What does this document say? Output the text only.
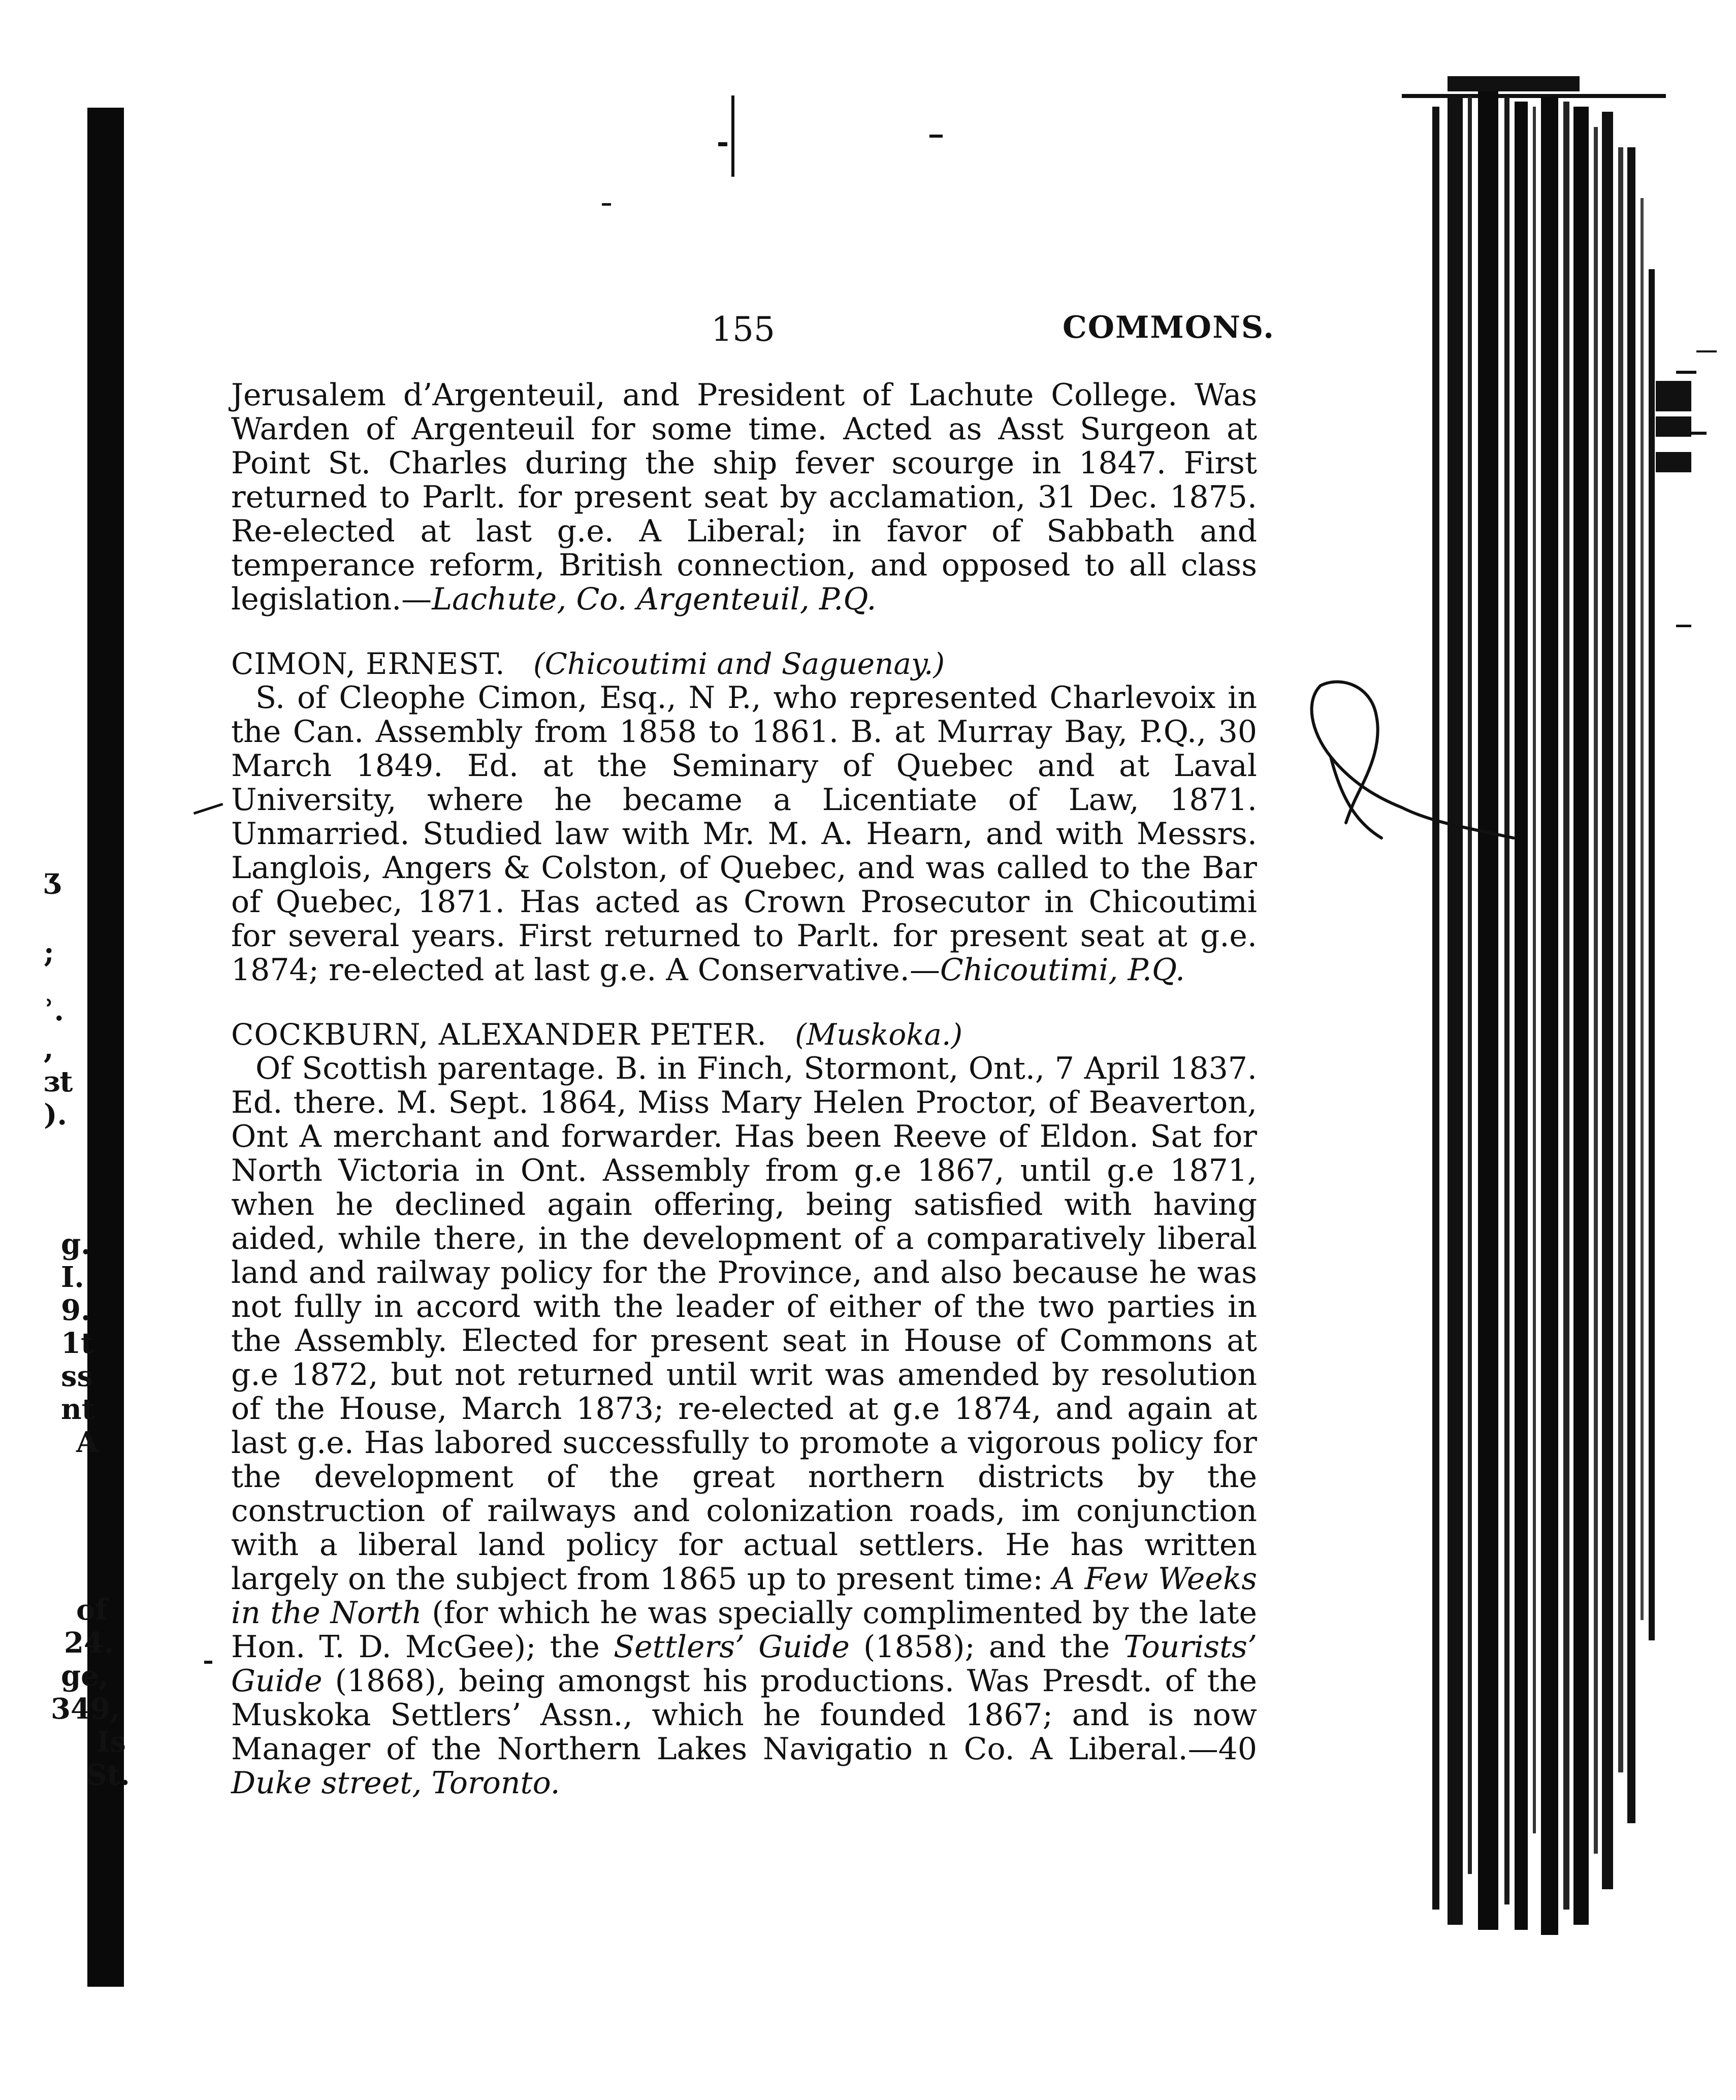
155	COMMONS.

Jerusalem d’Argenteuil, and President of Lachute College. Was Warden of Argenteuil for some time. Acted as Asst Surgeon at Point St. Charles during the ship fever scourge in 1847. First returned to Parlt. for present seat by acclamation, 31 Dec. 1875. Re-elected at last g.e. A Liberal; in favor of Sabbath and temperance reform, British connection, and opposed to all class legislation.—Lachute, Co. Argenteuil, P.Q.

CIMON, ERNEST. (Chicoutimi and Saguenay.)

S. of Cleophe Cimon, Esq., N P., who represented Charlevoix in the Can. Assembly from 1858 to 1861. B. at Murray Bay, P.Q., 30 March 1849. Ed. at the Seminary of Quebec and at Laval University, where he became a Licentiate of Law, 1871. Unmarried. Studied law with Mr. M. A. Hearn, and with Messrs. Langlois, Angers & Colston, of Quebec, and was called to the Bar of Quebec, 1871. Has acted as Crown Prosecutor in Chicoutimi for several years. First returned to Parlt. for present seat at g.e. 1874; re-elected at last g.e. A Conservative.—Chicoutimi, P.Q.

COCKBURN, ALEXANDER PETER. (Muskoka.)

Of Scottish parentage. B. in Finch, Stormont, Ont., 7 April 1837. Ed. there. M. Sept. 1864, Miss Mary Helen Proctor, of Beaverton, Ont A merchant and forwarder. Has been Reeve of Eldon. Sat for North Victoria in Ont. Assembly from g.e 1867, until g.e 1871, when he declined again offering, being satisfied with having aided, while there, in the development of a comparatively liberal land and railway policy for the Province, and also because he was not fully in accord with the leader of either of the two parties in the Assembly. Elected for present seat in House of Commons at g.e 1872, but not returned until writ was amended by resolution of the House, March 1873; re-elected at g.e 1874, and again at last g.e. Has labored successfully to promote a vigorous policy for the development of the great northern districts by the construction of railways and colonization roads, im conjunction with a liberal land policy for actual settlers. He has written largely on the subject from 1865 up to present time: A Few Weeks in the North (for which he was specially complimented by the late Hon. T. D. McGee); the Settlers’ Guide (1858); and the Tourists’ Guide (1868), being amongst his productions. Was Presdt. of the Muskoka Settlers’ Assn., which he founded 1867; and is now Manager of the Northern Lakes Navigatio n Co. A Liberal.—40 Duke street, Toronto.

ʒ
;
ʾ.
,
ɜt
).
g.
I.
9.
1t
ss
nt
A
of
24.
ge,
349,
Is
St.
